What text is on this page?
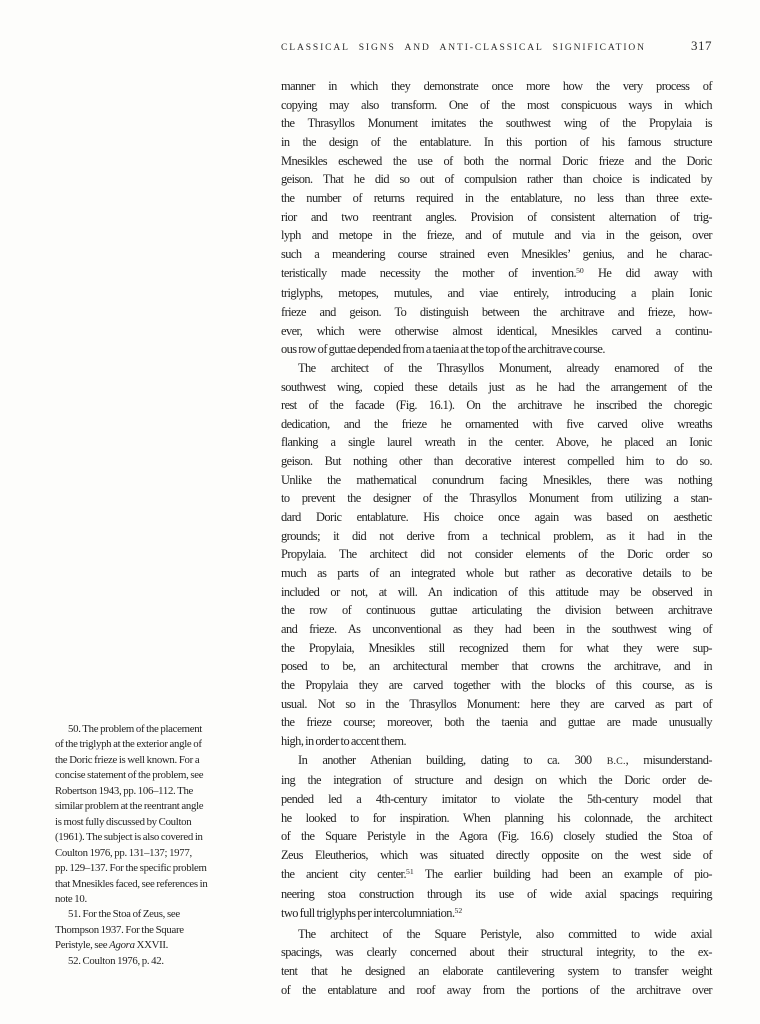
CLASSICAL SIGNS AND ANTI-CLASSICAL SIGNIFICATION	317
manner in which they demonstrate once more how the very process of
copying may also transform. One of the most conspicuous ways in which
the Thrasyllos Monument imitates the southwest wing of the Propylaia is
in the design of the entablature. In this portion of his famous structure
Mnesikles eschewed the use of both the normal Doric frieze and the Doric
geison. That he did so out of compulsion rather than choice is indicated by
the number of returns required in the entablature, no less than three exte-
rior and two reentrant angles. Provision of consistent alternation of trig-
lyph and metope in the frieze, and of mutule and via in the geison, over
such a meandering course strained even Mnesikles’ genius, and he charac-
teristically made necessity the mother of invention.$^{50}$ He did away with
triglyphs, metopes, mutules, and viae entirely, introducing a plain Ionic
frieze and geison. To distinguish between the architrave and frieze, how-
ever, which were otherwise almost identical, Mnesikles carved a continu-
ous row of guttae depended from a taenia at the top of the architrave course.
The architect of the Thrasyllos Monument, already enamored of the
southwest wing, copied these details just as he had the arrangement of the
rest of the facade (Fig. 16.1). On the architrave he inscribed the choregic
dedication, and the frieze he ornamented with five carved olive wreaths
flanking a single laurel wreath in the center. Above, he placed an Ionic
geison. But nothing other than decorative interest compelled him to do so.
Unlike the mathematical conundrum facing Mnesikles, there was nothing
to prevent the designer of the Thrasyllos Monument from utilizing a stan-
dard Doric entablature. His choice once again was based on aesthetic
grounds; it did not derive from a technical problem, as it had in the
Propylaia. The architect did not consider elements of the Doric order so
much as parts of an integrated whole but rather as decorative details to be
included or not, at will. An indication of this attitude may be observed in
the row of continuous guttae articulating the division between architrave
and frieze. As unconventional as they had been in the southwest wing of
the Propylaia, Mnesikles still recognized them for what they were sup-
posed to be, an architectural member that crowns the architrave, and in
the Propylaia they are carved together with the blocks of this course, as is
usual. Not so in the Thrasyllos Monument: here they are carved as part of
the frieze course; moreover, both the taenia and guttae are made unusually
high, in order to accent them.
In another Athenian building, dating to ca. 300 B.C., misunderstand-
ing the integration of structure and design on which the Doric order de-
pended led a 4th-century imitator to violate the 5th-century model that
he looked to for inspiration. When planning his colonnade, the architect
of the Square Peristyle in the Agora (Fig. 16.6) closely studied the Stoa of
Zeus Eleutherios, which was situated directly opposite on the west side of
the ancient city center.$^{51}$ The earlier building had been an example of pio-
neering stoa construction through its use of wide axial spacings requiring
two full triglyphs per intercolumniation.$^{52}$
The architect of the Square Peristyle, also committed to wide axial
spacings, was clearly concerned about their structural integrity, to the ex-
tent that he designed an elaborate cantilevering system to transfer weight
of the entablature and roof away from the portions of the architrave over
50. The problem of the placement
of the triglyph at the exterior angle of
the Doric frieze is well known. For a
concise statement of the problem, see
Robertson 1943, pp. 106–112. The
similar problem at the reentrant angle
is most fully discussed by Coulton
(1961). The subject is also covered in
Coulton 1976, pp. 131–137; 1977,
pp. 129–137. For the specific problem
that Mnesikles faced, see references in
note 10.
51. For the Stoa of Zeus, see
Thompson 1937. For the Square
Peristyle, see Agora XXVII.
52. Coulton 1976, p. 42.
